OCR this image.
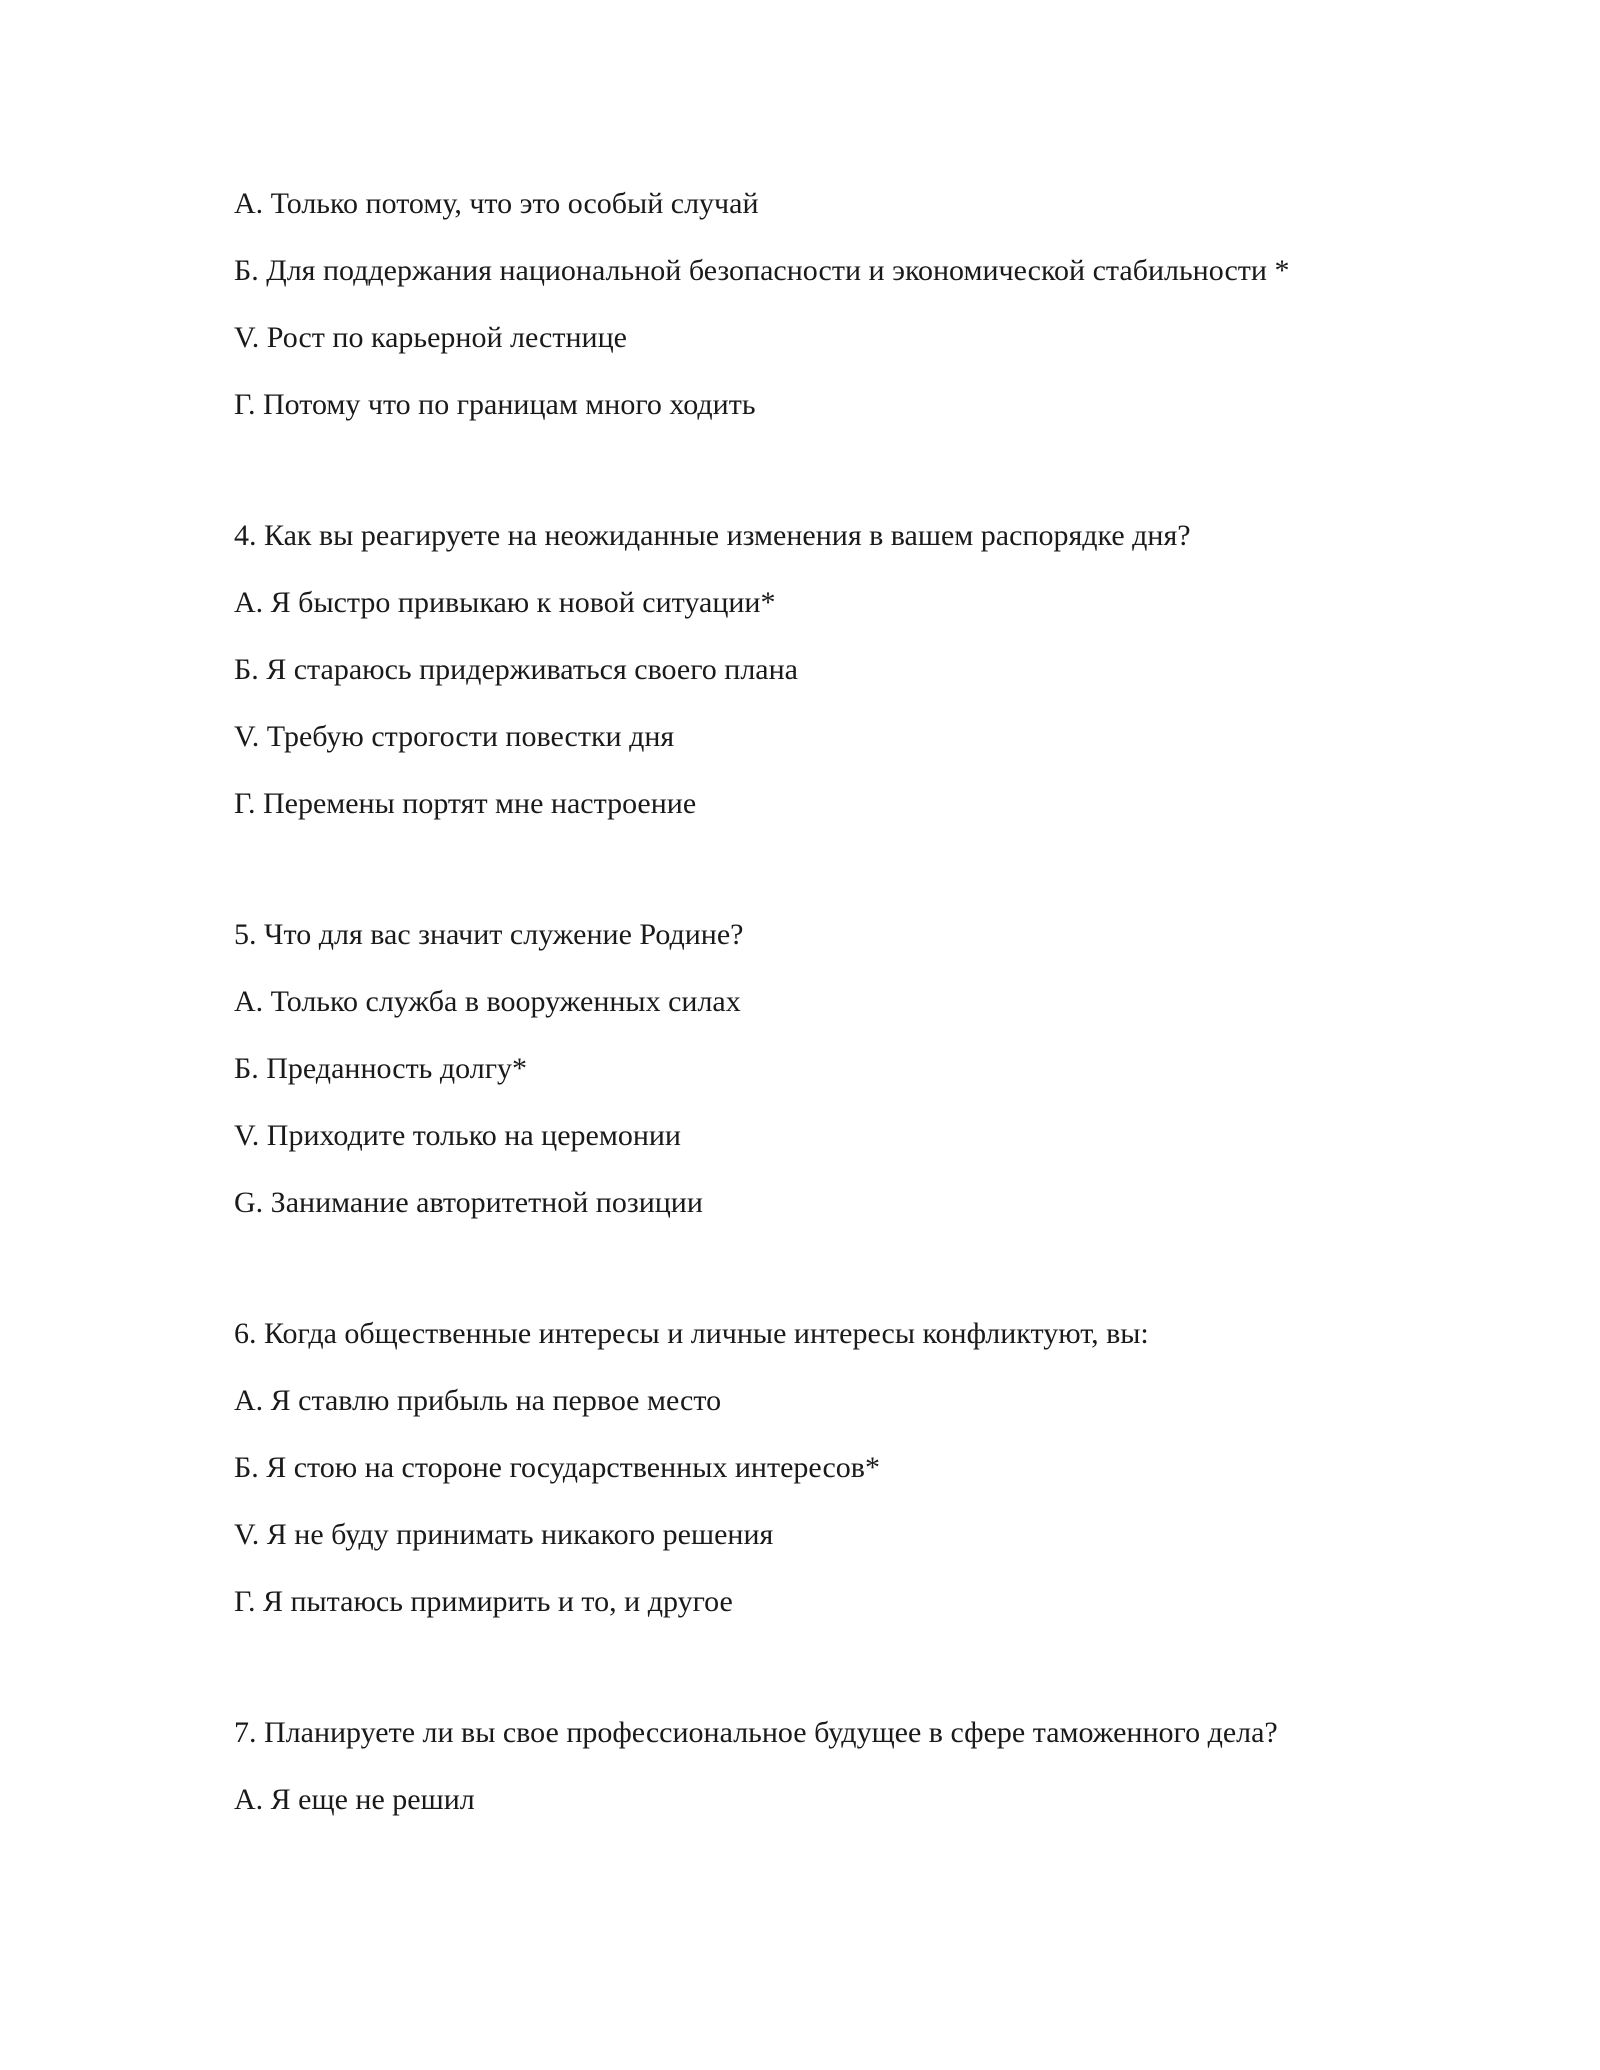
А. Только потому, что это особый случай
Б. Для поддержания национальной безопасности и экономической стабильности *
V. Рост по карьерной лестнице
Г. Потому что по границам много ходить
4. Как вы реагируете на неожиданные изменения в вашем распорядке дня?
А. Я быстро привыкаю к новой ситуации*
Б. Я стараюсь придерживаться своего плана
V. Требую строгости повестки дня
Г. Перемены портят мне настроение
5. Что для вас значит служение Родине?
А. Только служба в вооруженных силах
Б. Преданность долгу*
V. Приходите только на церемонии
G. Занимание авторитетной позиции
6. Когда общественные интересы и личные интересы конфликтуют, вы:
А. Я ставлю прибыль на первое место
Б. Я стою на стороне государственных интересов*
V. Я не буду принимать никакого решения
Г. Я пытаюсь примирить и то, и другое
7. Планируете ли вы свое профессиональное будущее в сфере таможенного дела?
А. Я еще не решил
